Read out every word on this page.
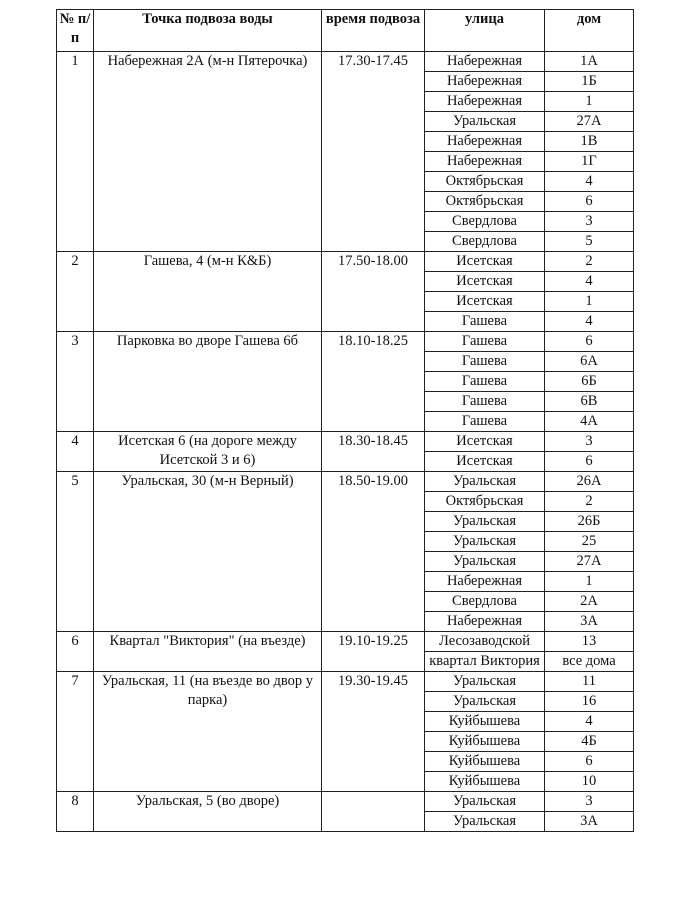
№ п/п	Точка подвоза воды	время подвоза	улица	дом
1	Набережная 2А (м-н Пятерочка)	17.30-17.45	Набережная	1А
			Набережная	1Б
			Набережная	1
			Уральская	27А
			Набережная	1В
			Набережная	1Г
			Октябрьская	4
			Октябрьская	6
			Свердлова	3
			Свердлова	5
2	Гашева, 4 (м-н К&Б)	17.50-18.00	Исетская	2
			Исетская	4
			Исетская	1
			Гашева	4
3	Парковка во дворе Гашева 6б	18.10-18.25	Гашева	6
			Гашева	6А
			Гашева	6Б
			Гашева	6В
			Гашева	4А
4	Исетская 6 (на дороге между Исетской 3 и 6)	18.30-18.45	Исетская	3
			Исетская	6
5	Уральская, 30 (м-н Верный)	18.50-19.00	Уральская	26А
			Октябрьская	2
			Уральская	26Б
			Уральская	25
			Уральская	27А
			Набережная	1
			Свердлова	2А
			Набережная	3А
6	Квартал "Виктория" (на въезде)	19.10-19.25	Лесозаводской	13
			квартал Виктория	все дома
7	Уральская, 11 (на въезде во двор у парка)	19.30-19.45	Уральская	11
			Уральская	16
			Куйбышева	4
			Куйбышева	4Б
			Куйбышева	6
			Куйбышева	10
8	Уральская, 5 (во дворе)		Уральская	3
			Уральская	3А
